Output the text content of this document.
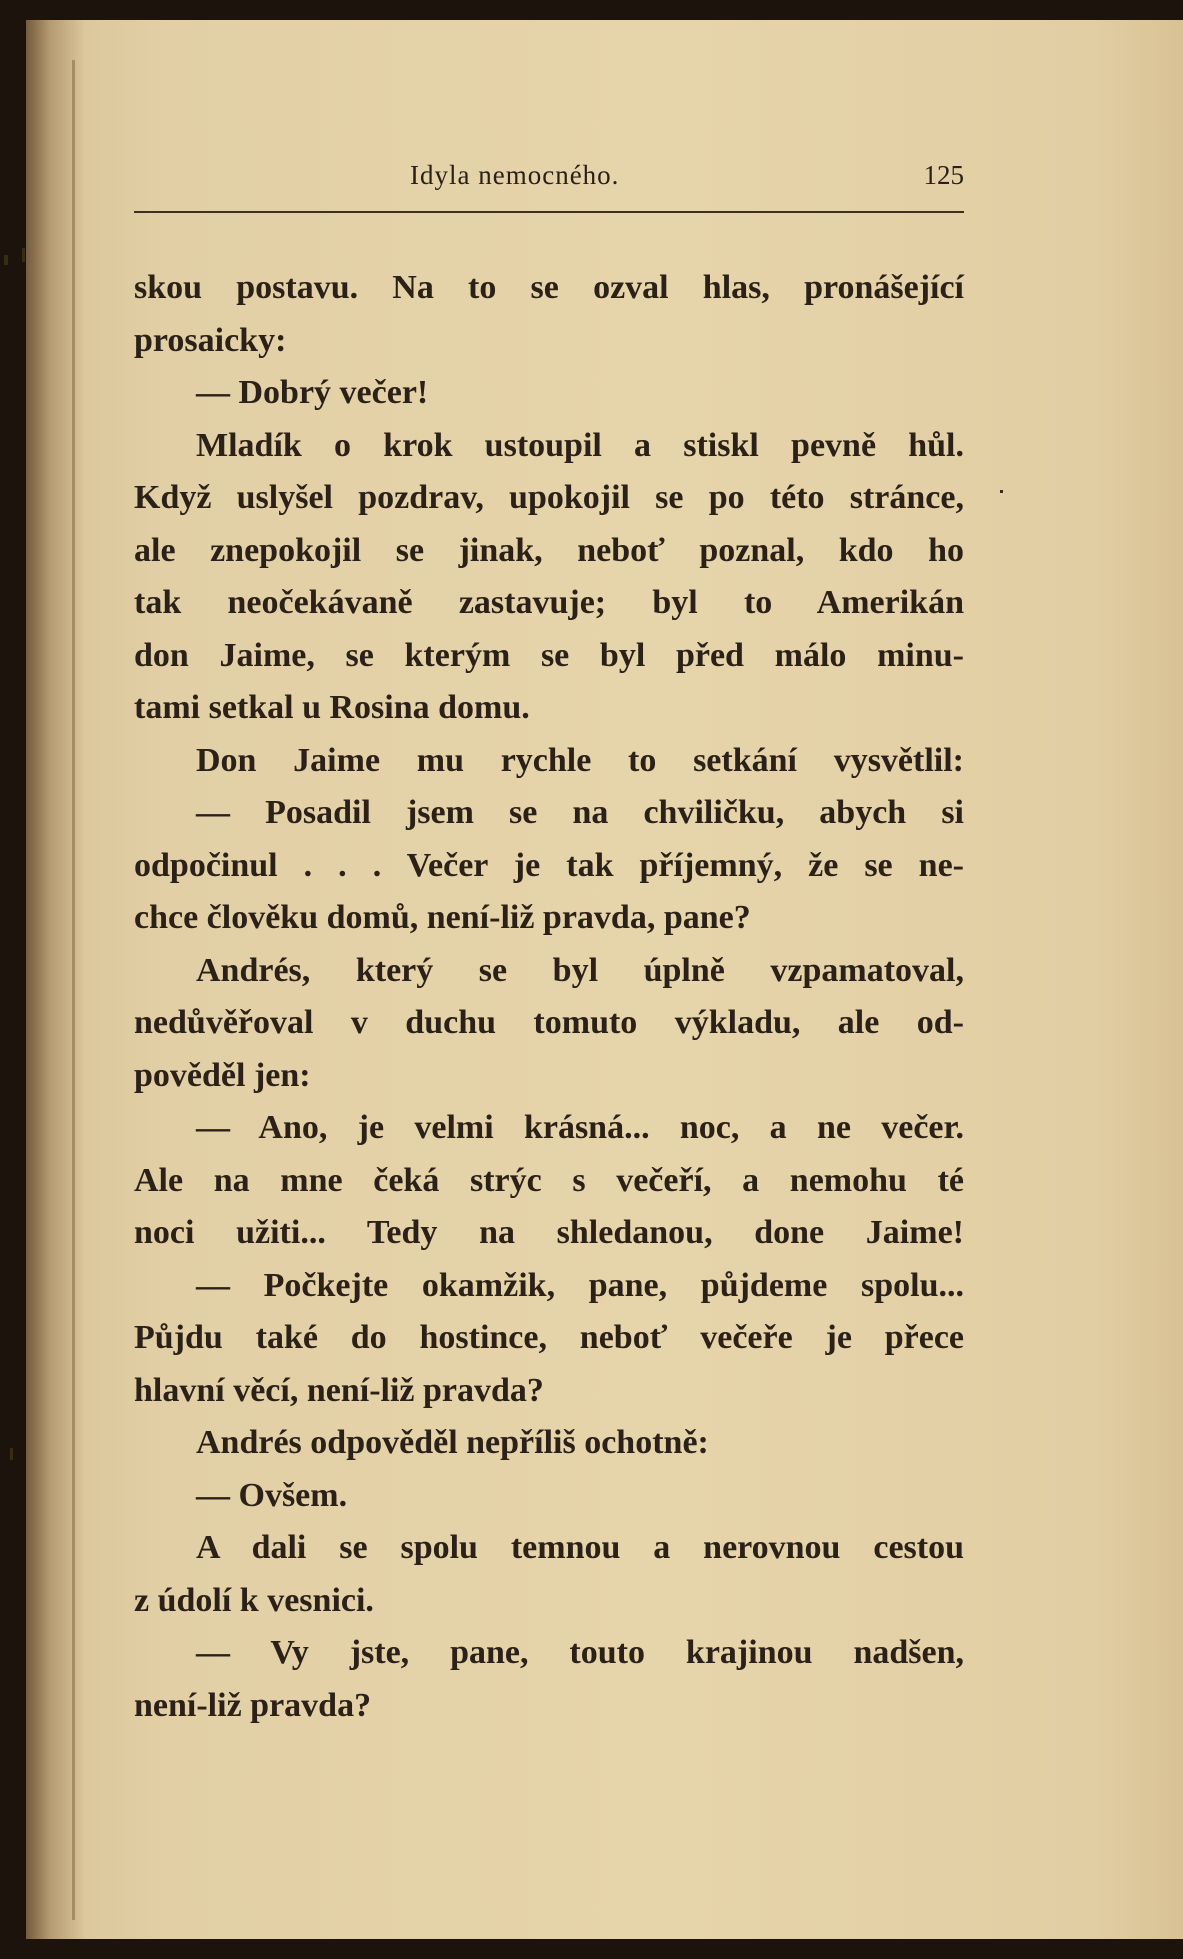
Idyla nemocného.	125
skou postavu. Na to se ozval hlas, pronášející
prosaicky:
— Dobrý večer!
Mladík o krok ustoupil a stiskl pevně hůl.
Když uslyšel pozdrav, upokojil se po této stránce,
ale znepokojil se jinak, neboť poznal, kdo ho
tak neočekávaně zastavuje; byl to Amerikán
don Jaime, se kterým se byl před málo minu-
tami setkal u Rosina domu.
Don Jaime mu rychle to setkání vysvětlil:
— Posadil jsem se na chviličku, abych si
odpočinul . . . Večer je tak příjemný, že se ne-
chce člověku domů, není-liž pravda, pane?
Andrés, který se byl úplně vzpamatoval,
nedůvěřoval v duchu tomuto výkladu, ale od-
pověděl jen:
— Ano, je velmi krásná... noc, a ne večer.
Ale na mne čeká strýc s večeří, a nemohu té
noci užiti... Tedy na shledanou, done Jaime!
— Počkejte okamžik, pane, půjdeme spolu...
Půjdu také do hostince, neboť večeře je přece
hlavní věcí, není-liž pravda?
Andrés odpověděl nepříliš ochotně:
— Ovšem.
A dali se spolu temnou a nerovnou cestou
z údolí k vesnici.
— Vy jste, pane, touto krajinou nadšen,
není-liž pravda?
